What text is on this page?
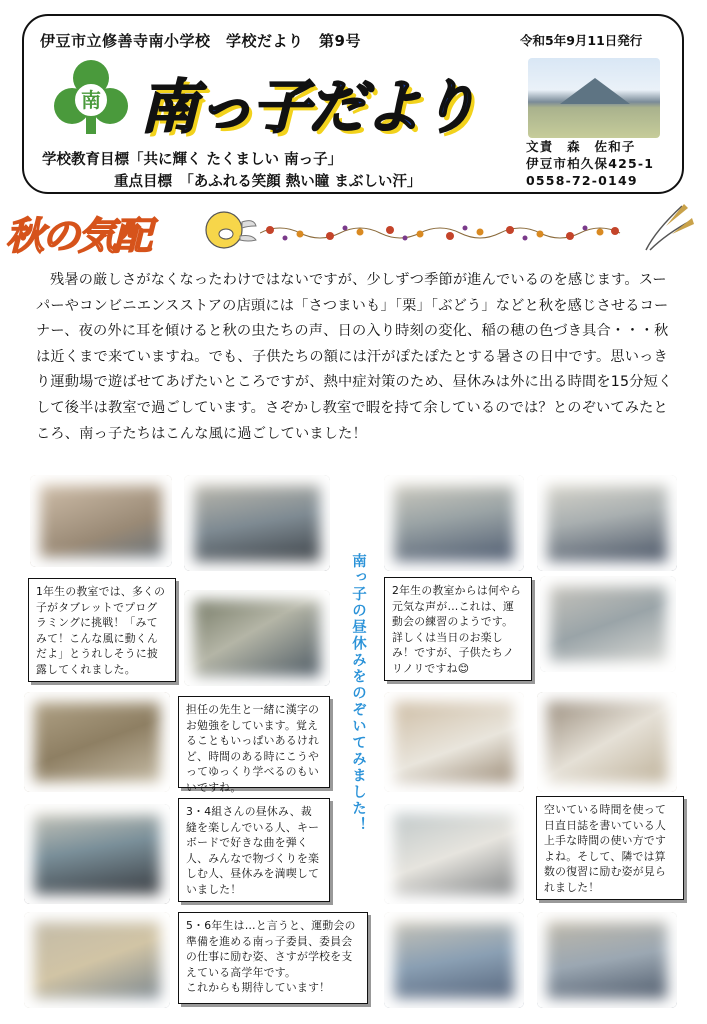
伊豆市立修善寺南小学校　学校だより　第9号	令和5年9月11日発行
南 南っ子だより
学校教育目標「共に輝く たくましい 南っ子」
重点目標　「あふれる笑顔 熱い瞳 まぶしい汗」
文責　森　佐和子
伊豆市柏久保425-1
0558-72-0149
秋の気配
残暑の厳しさがなくなったわけではないですが、少しずつ季節が進んでいるのを感じます。スーパーやコンビニエンスストアの店頭には「さつまいも」「栗」「ぶどう」などと秋を感じさせるコーナー、夜の外に耳を傾けると秋の虫たちの声、日の入り時刻の変化、稲の穂の色づき具合・・・秋は近くまで来ていますね。でも、子供たちの額には汗がぽたぽたとする暑さの日中です。思いっきり運動場で遊ばせてあげたいところですが、熱中症対策のため、昼休みは外に出る時間を15分短くして後半は教室で過ごしています。さぞかし教室で暇を持て余しているのでは？とのぞいてみたところ、南っ子たちはこんな風に過ごしていました！
南っ子の昼休みをのぞいてみました！
1年生の教室では、多くの子がタブレットでプログラミングに挑戦！「みてみて！こんな風に動くんだよ」とうれしそうに披露してくれました。
2年生の教室からは何やら元気な声が…これは、運動会の練習のようです。詳しくは当日のお楽しみ！ですが、子供たちノリノリですね😊
担任の先生と一緒に漢字のお勉強をしています。覚えることもいっぱいあるけれど、時間のある時にこうやってゆっくり学べるのもいいですね。
3・4組さんの昼休み、裁縫を楽しんでいる人、キーボードで好きな曲を弾く人、みんなで物づくりを楽しむ人、昼休みを満喫していました！
空いている時間を使って日直日誌を書いている人上手な時間の使い方ですよね。そして、隣では算数の復習に励む姿が見られました！
5・6年生は…と言うと、運動会の準備を進める南っ子委員、委員会の仕事に励む姿、さすが学校を支えている高学年です。
これからも期待しています！
